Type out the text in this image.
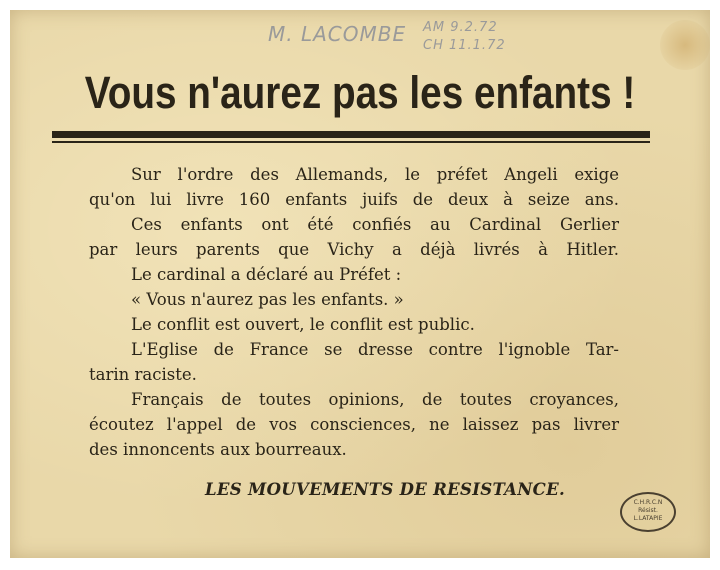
M. LACOMBE AM 9.2.72
CH 11.1.72
Vous n'aurez pas les enfants !
Sur l'ordre des Allemands, le préfet Angeli exige
qu'on lui livre 160 enfants juifs de deux à seize ans.
Ces enfants ont été confiés au Cardinal Gerlier
par leurs parents que Vichy a déjà livrés à Hitler.
Le cardinal a déclaré au Préfet :
« Vous n'aurez pas les enfants. »
Le conflit est ouvert, le conflit est public.
L'Eglise de France se dresse contre l'ignoble Tar-
tarin raciste.
Français de toutes opinions, de toutes croyances,
écoutez l'appel de vos consciences, ne laissez pas livrer
des innoncents aux bourreaux.
LES MOUVEMENTS DE RESISTANCE.
C.H.R.C.N
Résist.
L.LATAPIE
